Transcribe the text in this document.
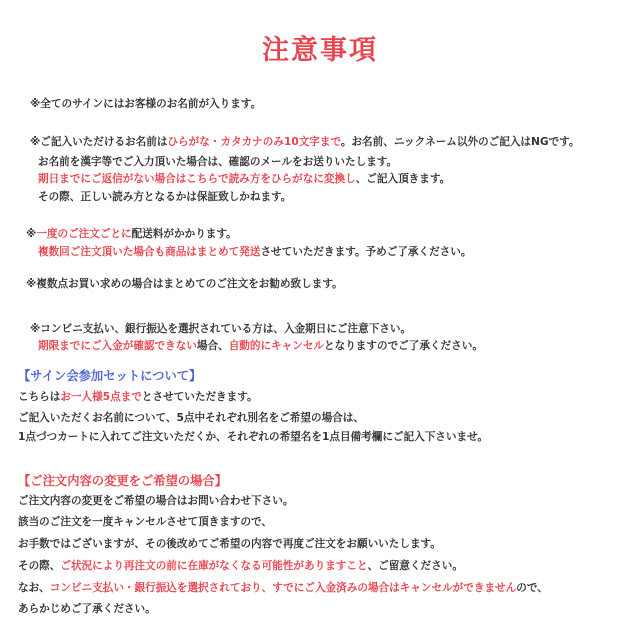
注意事項
※全てのサインにはお客様のお名前が入ります。
※ご記入いただけるお名前はひらがな・カタカナのみ10文字まで。お名前、ニックネーム以外のご記入はNGです。
お名前を漢字等でご入力頂いた場合は、確認のメールをお送りいたします。
期日までにご返信がない場合はこちらで読み方をひらがなに変換し、ご記入頂きます。
その際、正しい読み方となるかは保証致しかねます。
※一度のご注文ごとに配送料がかかります。
複数回ご注文頂いた場合も商品はまとめて発送させていただきます。予めご了承ください。
※複数点お買い求めの場合はまとめてのご注文をお勧め致します。
※コンビニ支払い、銀行振込を選択されている方は、入金期日にご注意下さい。
期限までにご入金が確認できない場合、自動的にキャンセルとなりますのでご了承ください。
【サイン会参加セットについて】
こちらはお一人様5点までとさせていただきます。
ご記入いただくお名前について、5点中それぞれ別名をご希望の場合は、
1点づつカートに入れてご注文いただくか、それぞれの希望名を1点目備考欄にご記入下さいませ。
【ご注文内容の変更をご希望の場合】
ご注文内容の変更をご希望の場合はお問い合わせ下さい。
該当のご注文を一度キャンセルさせて頂きますので、
お手数ではございますが、その後改めてご希望の内容で再度ご注文をお願いいたします。
その際、ご状況により再注文の前に在庫がなくなる可能性がありますこと、ご留意ください。
なお、コンビニ支払い・銀行振込を選択されており、すでにご入金済みの場合はキャンセルができませんので、
あらかじめご了承ください。
